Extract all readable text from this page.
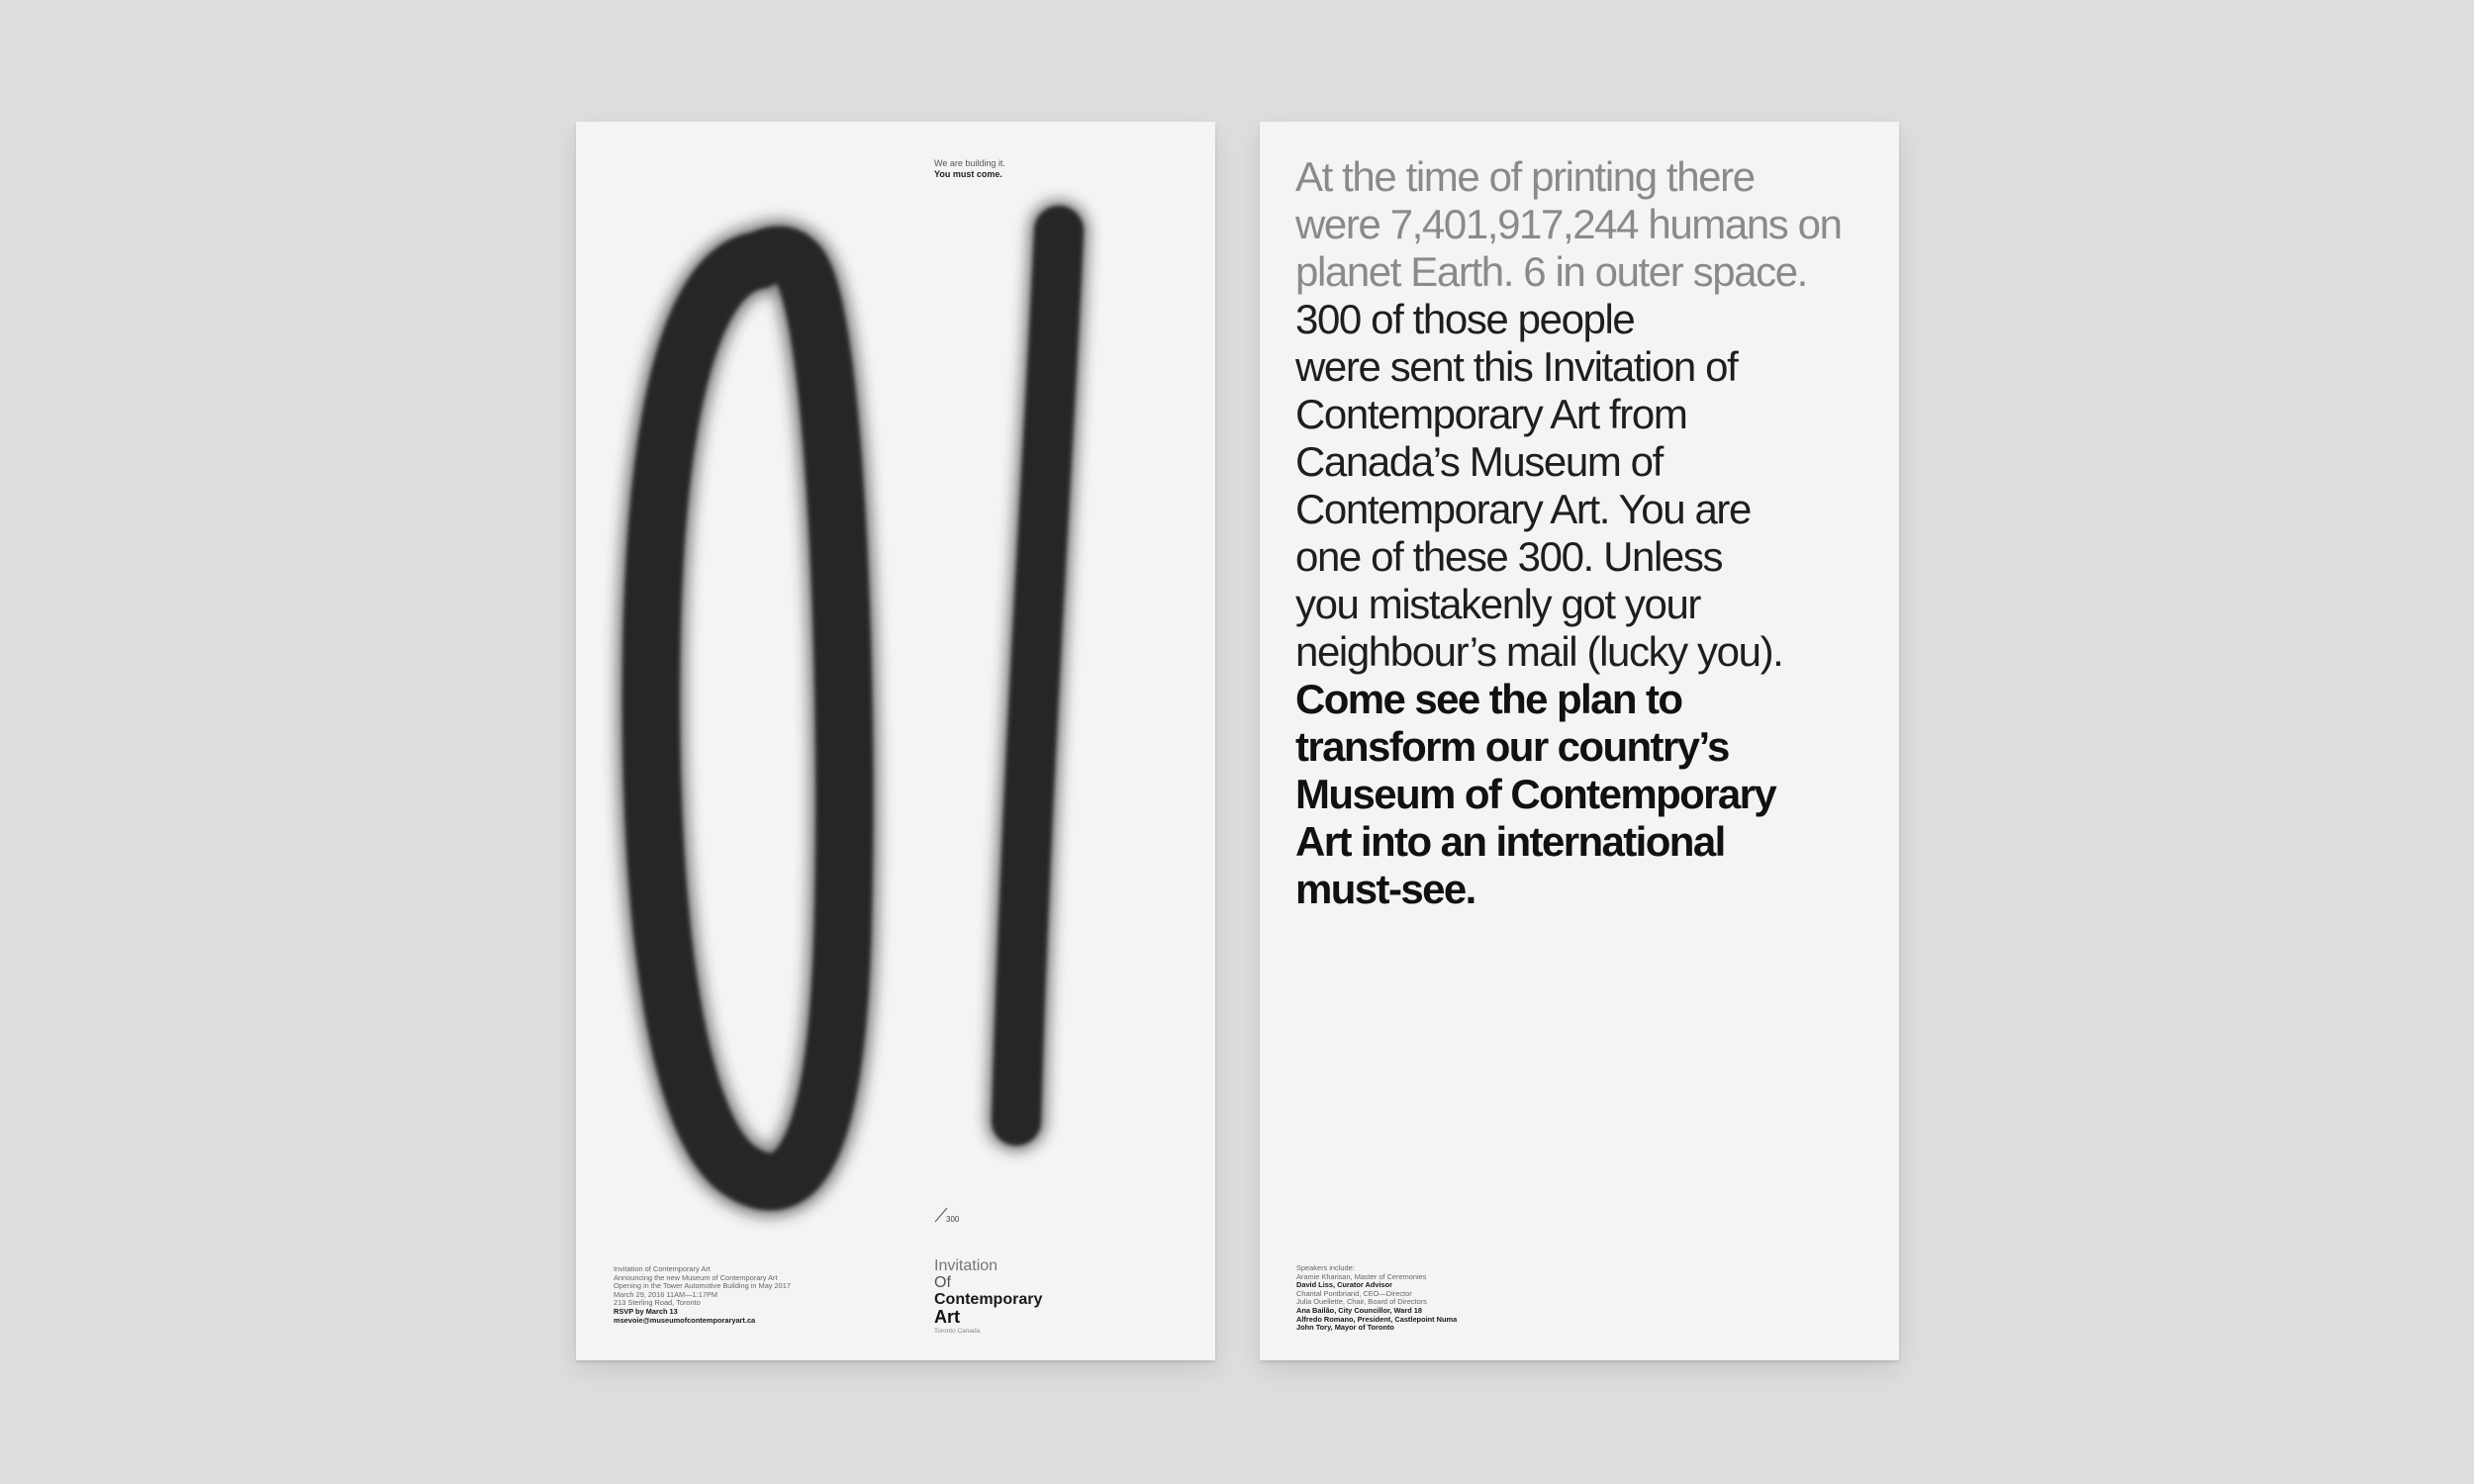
We are building it.
You must come.
300
Invitation of Contemporary Art
Announcing the new Museum of Contemporary Art
Opening in the Tower Automotive Building in May 2017
March 29, 2016 11AM—1:17PM
213 Sterling Road, Toronto
RSVP by March 13
msevoie@museumofcontemporaryart.ca
Invitation
Of
Contemporary
Art
Toronto Canada
At the time of printing there
were 7,401,917,244 humans on
planet Earth. 6 in outer space.
300 of those people
were sent this Invitation of
Contemporary Art from
Canada’s Museum of
Contemporary Art. You are
one of these 300. Unless
you mistakenly got your
neighbour’s mail (lucky you).
Come see the plan to
transform our country’s
Museum of Contemporary
Art into an international
must-see.
Speakers include:
Aramie Kharisan, Master of Ceremonies
David Liss, Curator Advisor
Chantal Pontbriand, CEO—Director
Julia Ouellette, Chair, Board of Directors
Ana Bailão, City Councillor, Ward 18
Alfredo Romano, President, Castlepoint Numa
John Tory, Mayor of Toronto
